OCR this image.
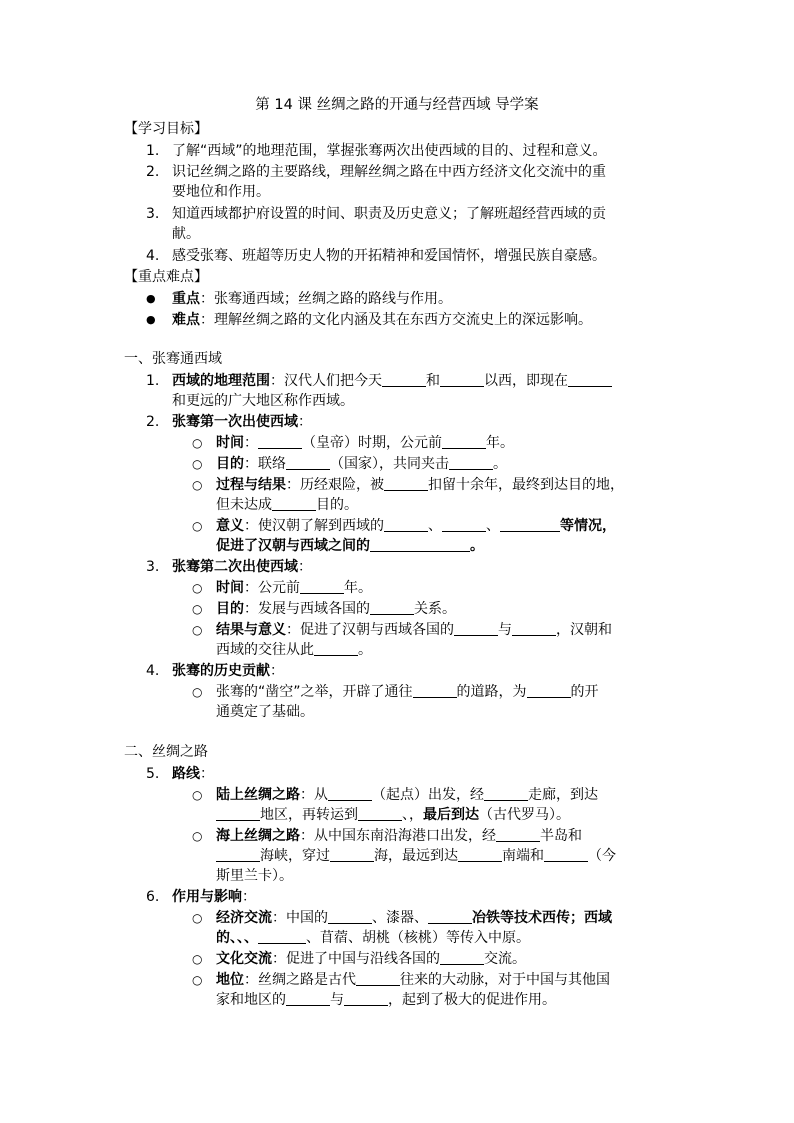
第 14 课 丝绸之路的开通与经营西域 导学案
【学习目标】
1. 了解“西域”的地理范围，掌握张骞两次出使西域的目的、过程和意义。
2. 识记丝绸之路的主要路线，理解丝绸之路在中西方经济文化交流中的重
要地位和作用。
3. 知道西域都护府设置的时间、职责及历史意义；了解班超经营西域的贡
献。
4. 感受张骞、班超等历史人物的开拓精神和爱国情怀，增强民族自豪感。
【重点难点】
● 重点：张骞通西域；丝绸之路的路线与作用。
● 难点：理解丝绸之路的文化内涵及其在东西方交流史上的深远影响。
一、张骞通西域
1. 西域的地理范围：汉代人们把今天	和	以西，即现在
和更远的广大地区称作西域。
2. 张骞第一次出使西域：
○ 时间：	（皇帝）时期，公元前	年。
○ 目的：联络	（国家），共同夹击	。
○ 过程与结果：历经艰险，被	扣留十余年，最终到达目的地，
但未达成	目的。
○ 意义：使汉朝了解到西域的	、	、	等情况，
促进了汉朝与西域之间的	。
3. 张骞第二次出使西域：
○ 时间：公元前	年。
○ 目的：发展与西域各国的	关系。
○ 结果与意义：促进了汉朝与西域各国的	与	，汉朝和
西域的交往从此	。
4. 张骞的历史贡献：
○ 张骞的“凿空”之举，开辟了通往	的道路，为	的开
通奠定了基础。
二、丝绸之路
5. 路线：
○ 陆上丝绸之路：从	（起点）出发，经	走廊，到达
地区，再转运到	、，最后到达（古代罗马）。
○ 海上丝绸之路：从中国东南沿海港口出发，经	半岛和
海峡，穿过	海，最远到达	南端和	（今
斯里兰卡）。
6. 作用与影响：
○ 经济交流：中国的	、漆器、	冶铁等技术西传；西域
的、、、	、苜蓿、胡桃（核桃）等传入中原。
○ 文化交流：促进了中国与沿线各国的	交流。
○ 地位：丝绸之路是古代	往来的大动脉，对于中国与其他国
家和地区的	与	，起到了极大的促进作用。
